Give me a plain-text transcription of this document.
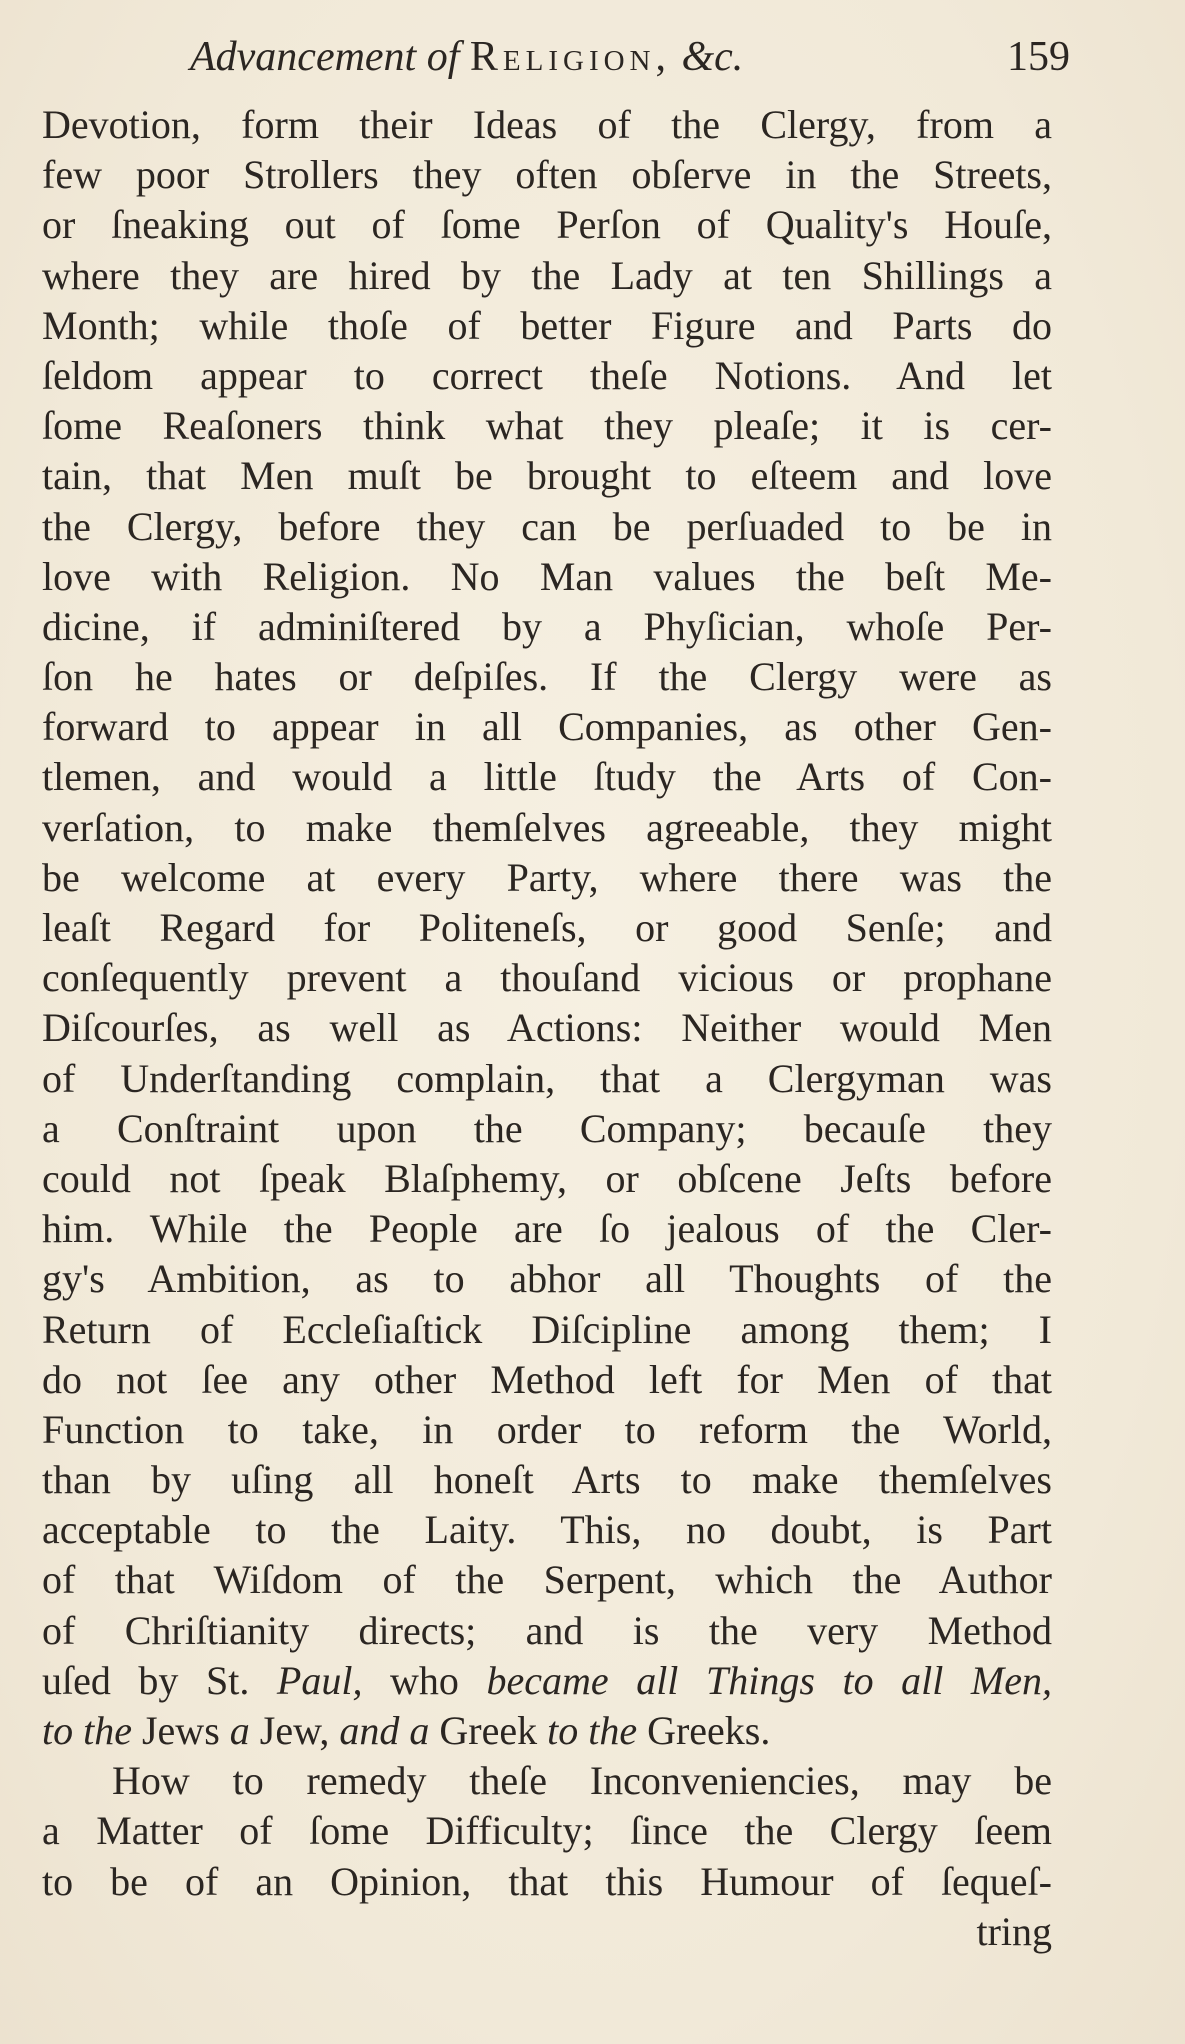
Advancement of Religion, &c.	159
Devotion, form their Ideas of the Clergy, from a
few poor Strollers they often obſerve in the Streets,
or ſneaking out of ſome Perſon of Quality's Houſe,
where they are hired by the Lady at ten Shillings a
Month; while thoſe of better Figure and Parts do
ſeldom appear to correct theſe Notions. And let
ſome Reaſoners think what they pleaſe; it is cer-
tain, that Men muſt be brought to eſteem and love
the Clergy, before they can be perſuaded to be in
love with Religion. No Man values the beſt Me-
dicine, if adminiſtered by a Phyſician, whoſe Per-
ſon he hates or deſpiſes. If the Clergy were as
forward to appear in all Companies, as other Gen-
tlemen, and would a little ſtudy the Arts of Con-
verſation, to make themſelves agreeable, they might
be welcome at every Party, where there was the
leaſt Regard for Politeneſs, or good Senſe; and
conſequently prevent a thouſand vicious or prophane
Diſcourſes, as well as Actions: Neither would Men
of Underſtanding complain, that a Clergyman was
a Conſtraint upon the Company; becauſe they
could not ſpeak Blaſphemy, or obſcene Jeſts before
him. While the People are ſo jealous of the Cler-
gy's Ambition, as to abhor all Thoughts of the
Return of Eccleſiaſtick Diſcipline among them; I
do not ſee any other Method left for Men of that
Function to take, in order to reform the World,
than by uſing all honeſt Arts to make themſelves
acceptable to the Laity. This, no doubt, is Part
of that Wiſdom of the Serpent, which the Author
of Chriſtianity directs; and is the very Method
uſed by St. Paul, who became all Things to all Men,
to the Jews a Jew, and a Greek to the Greeks.
How to remedy theſe Inconveniencies, may be
a Matter of ſome Difficulty; ſince the Clergy ſeem
to be of an Opinion, that this Humour of ſequeſ-
tring
